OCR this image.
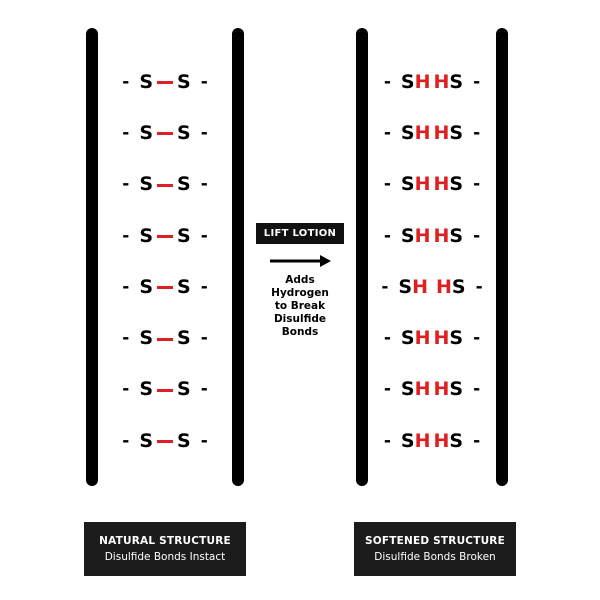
- S S -
- S S -
- S S -
- S S -
- S S -
- S S -
- S S -
- S S -
- S H H S -
- S H H S -
- S H H S -
- S H H S -
- S H H S -
- S H H S -
- S H H S -
- S H H S -
LIFT LOTION
Adds
Hydrogen
to Break
Disulfide Bonds
NATURAL STRUCTURE
Disulfide Bonds Instact
SOFTENED STRUCTURE
Disulfide Bonds Broken
